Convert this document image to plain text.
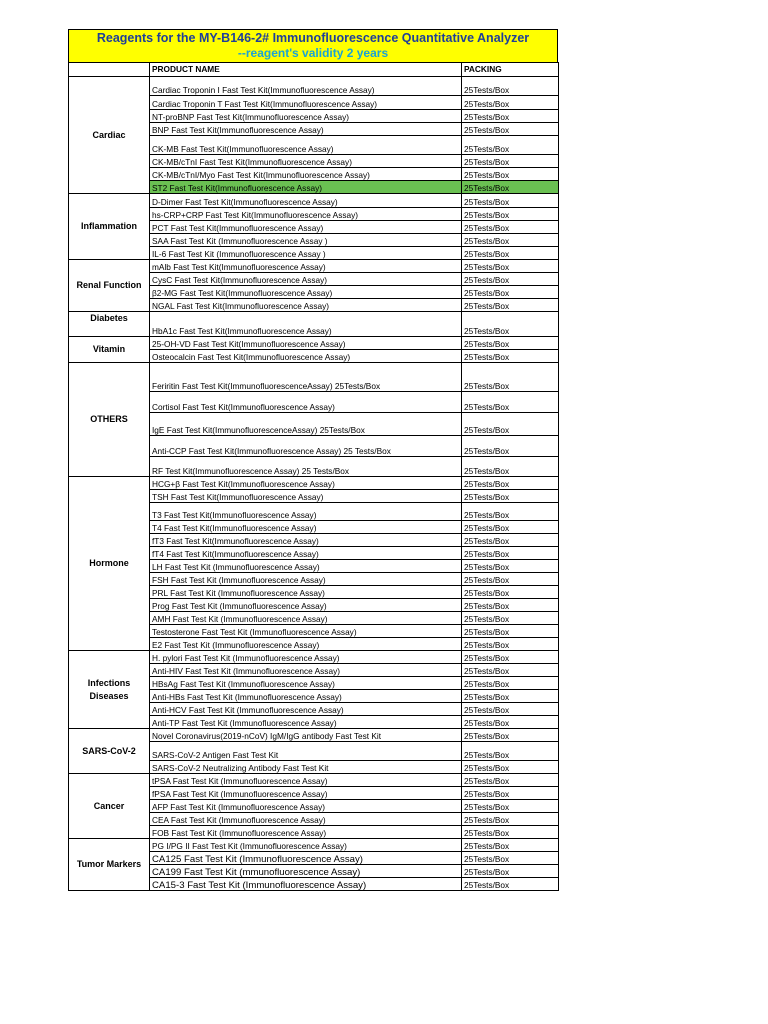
Reagents for the MY-B146-2# Immunofluorescence Quantitative Analyzer
--reagent's validity 2 years
	PRODUCT NAME	PACKING
Cardiac	Cardiac Troponin I Fast Test Kit(Immunofluorescence Assay)	25Tests/Box
	Cardiac Troponin T Fast Test Kit(Immunofluorescence Assay)	25Tests/Box
	NT-proBNP Fast Test Kit(Immunofluorescence Assay)	25Tests/Box
	BNP Fast Test Kit(Immunofluorescence Assay)	25Tests/Box
	CK-MB Fast Test Kit(Immunofluorescence Assay)	25Tests/Box
	CK-MB/cTnI Fast Test Kit(Immunofluorescence Assay)	25Tests/Box
	CK-MB/cTnI/Myo Fast Test Kit(Immunofluorescence Assay)	25Tests/Box
	ST2 Fast Test Kit(Immunofluorescence Assay)	25Tests/Box
Inflammation	D-Dimer Fast Test Kit(Immunofluorescence Assay)	25Tests/Box
	hs-CRP+CRP Fast Test Kit(Immunofluorescence Assay)	25Tests/Box
	PCT Fast Test Kit(Immunofluorescence Assay)	25Tests/Box
	SAA Fast Test Kit (Immunofluorescence Assay )	25Tests/Box
	IL-6 Fast Test Kit (Immunofluorescence Assay )	25Tests/Box
Renal Function	mAlb Fast Test Kit(Immunofluorescence Assay)	25Tests/Box
	CysC Fast Test Kit(Immunofluorescence Assay)	25Tests/Box
	β2-MG Fast Test Kit(Immunofluorescence Assay)	25Tests/Box
	NGAL Fast Test Kit(Immunofluorescence Assay)	25Tests/Box
Diabetes	HbA1c Fast Test Kit(Immunofluorescence Assay)	25Tests/Box
Vitamin	25-OH-VD Fast Test Kit(Immunofluorescence Assay)	25Tests/Box
	Osteocalcin Fast Test Kit(Immunofluorescence Assay)	25Tests/Box
OTHERS	Feriritin Fast Test Kit(ImmunofluorescenceAssay) 25Tests/Box	25Tests/Box
	Cortisol Fast Test Kit(Immunofluorescence Assay)	25Tests/Box
	IgE Fast Test Kit(ImmunofluorescenceAssay) 25Tests/Box	25Tests/Box
	Anti-CCP Fast Test Kit(Immunofluorescence Assay) 25 Tests/Box	25Tests/Box
	RF Test Kit(Immunofluorescence Assay) 25 Tests/Box	25Tests/Box
Hormone	HCG+β Fast Test Kit(Immunofluorescence Assay)	25Tests/Box
	TSH Fast Test Kit(Immunofluorescence Assay)	25Tests/Box
	T3 Fast Test Kit(Immunofluorescence Assay)	25Tests/Box
	T4 Fast Test Kit(Immunofluorescence Assay)	25Tests/Box
	fT3 Fast Test Kit(Immunofluorescence Assay)	25Tests/Box
	fT4 Fast Test Kit(Immunofluorescence Assay)	25Tests/Box
	LH Fast Test Kit (Immunofluorescence Assay)	25Tests/Box
	FSH Fast Test Kit (Immunofluorescence Assay)	25Tests/Box
	PRL Fast Test Kit (Immunofluorescence Assay)	25Tests/Box
	Prog Fast Test Kit (Immunofluorescence Assay)	25Tests/Box
	AMH Fast Test Kit (Immunofluorescence Assay)	25Tests/Box
	Testosterone Fast Test Kit (Immunofluorescence Assay)	25Tests/Box
	E2 Fast Test Kit (Immunofluorescence Assay)	25Tests/Box
Infections Diseases	H. pylori Fast Test Kit (Immunofluorescence Assay)	25Tests/Box
	Anti-HIV Fast Test Kit (Immunofluorescence Assay)	25Tests/Box
	HBsAg Fast Test Kit (Immunofluorescence Assay)	25Tests/Box
	Anti-HBs Fast Test Kit (Immunofluorescence Assay)	25Tests/Box
	Anti-HCV Fast Test Kit (Immunofluorescence Assay)	25Tests/Box
	Anti-TP Fast Test Kit (Immunofluorescence Assay)	25Tests/Box
SARS-CoV-2	Novel Coronavirus(2019-nCoV) IgM/IgG antibody Fast Test Kit	25Tests/Box
	SARS-CoV-2 Antigen Fast Test Kit	25Tests/Box
	SARS-CoV-2 Neutralizing Antibody Fast Test Kit	25Tests/Box
Cancer	tPSA Fast Test Kit (Immunofluorescence Assay)	25Tests/Box
	fPSA Fast Test Kit (Immunofluorescence Assay)	25Tests/Box
	AFP Fast Test Kit (Immunofluorescence Assay)	25Tests/Box
	CEA Fast Test Kit (Immunofluorescence Assay)	25Tests/Box
	FOB Fast Test Kit (Immunofluorescence Assay)	25Tests/Box
Tumor Markers	PG I/PG II Fast Test Kit (Immunofluorescence Assay)	25Tests/Box
	CA125 Fast Test Kit (Immunofluorescence Assay)	25Tests/Box
	CA199 Fast Test Kit (mmunofluorescence Assay)	25Tests/Box
	CA15-3 Fast Test Kit (Immunofluorescence Assay)	25Tests/Box
